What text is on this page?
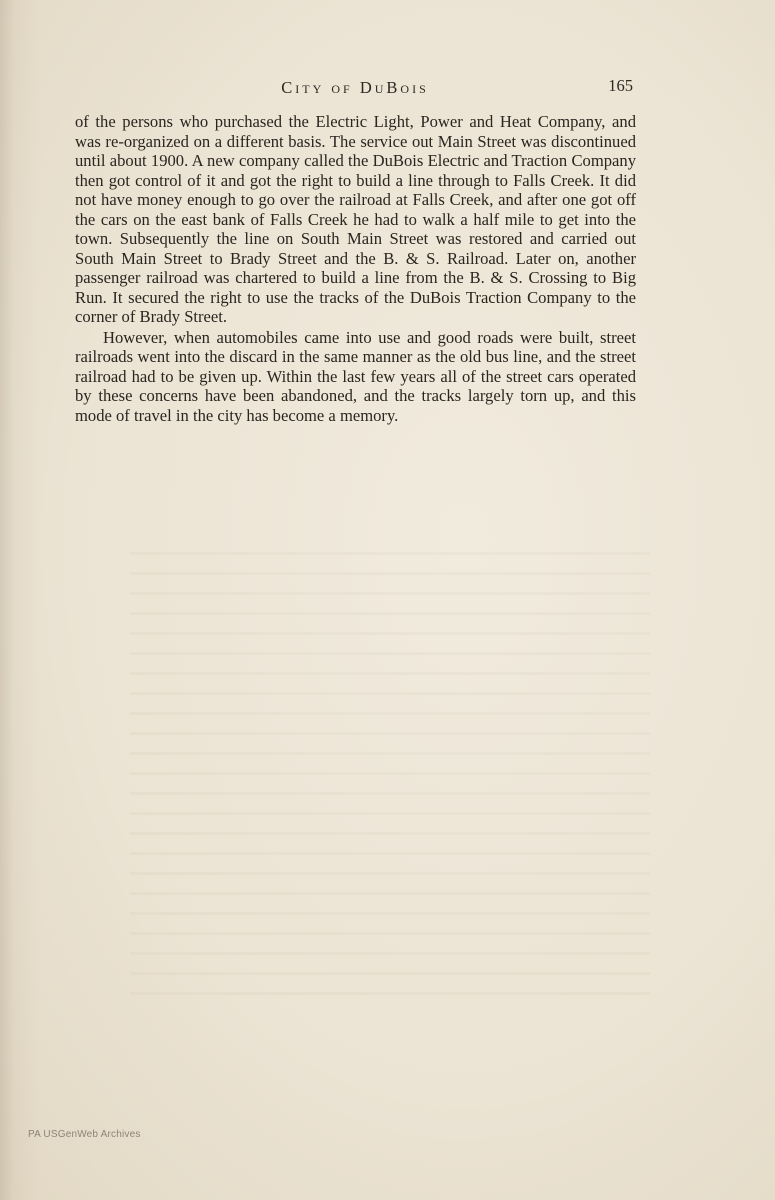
City of DuBois	165

of the persons who purchased the Electric Light, Power and Heat Company, and was re-organized on a different basis. The service out Main Street was discontinued until about 1900. A new company called the DuBois Electric and Traction Company then got control of it and got the right to build a line through to Falls Creek. It did not have money enough to go over the railroad at Falls Creek, and after one got off the cars on the east bank of Falls Creek he had to walk a half mile to get into the town. Subsequently the line on South Main Street was restored and carried out South Main Street to Brady Street and the B. & S. Railroad. Later on, another passenger railroad was chartered to build a line from the B. & S. Crossing to Big Run. It secured the right to use the tracks of the DuBois Traction Company to the corner of Brady Street.

However, when automobiles came into use and good roads were built, street railroads went into the discard in the same manner as the old bus line, and the street railroad had to be given up. Within the last few years all of the street cars operated by these concerns have been abandoned, and the tracks largely torn up, and this mode of travel in the city has become a memory.

PA USGenWeb Archives
